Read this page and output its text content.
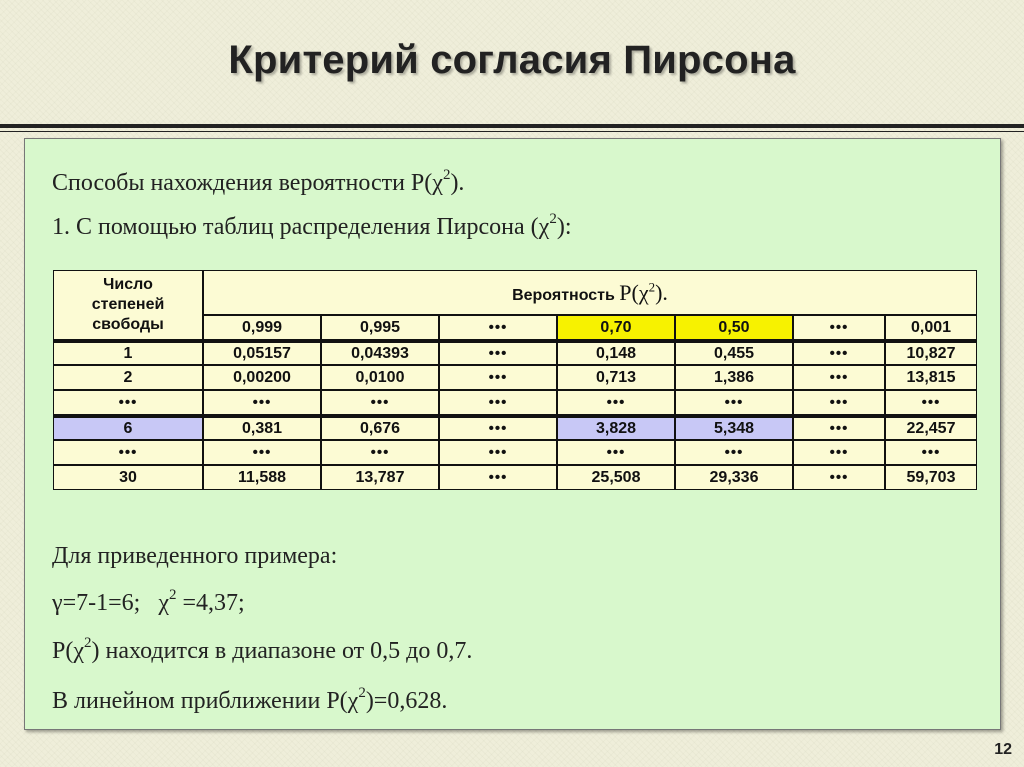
Критерий согласия Пирсона
Способы нахождения вероятности $P(\chi^2)$.
1. С помощью таблиц распределения Пирсона $(\chi^2)$:
Число
степеней
свободы	Вероятность $P(\chi^2)$.						
	0,999	0,995	•••	0,70	0,50	•••	0,001
1	0,05157	0,04393	•••	0,148	0,455	•••	10,827
2	0,00200	0,0100	•••	0,713	1,386	•••	13,815
•••	•••	•••	•••	•••	•••	•••	•••
6	0,381	0,676	•••	3,828	5,348	•••	22,457
•••	•••	•••	•••	•••	•••	•••	•••
30	11,588	13,787	•••	25,508	29,336	•••	59,703
Для приведенного примера:
γ=7-1=6;   $\chi^2 =4,37$;
$P(\chi^2)$ находится в диапазоне от 0,5 до 0,7.
В линейном приближении $P(\chi^2)=0,628$.
12
